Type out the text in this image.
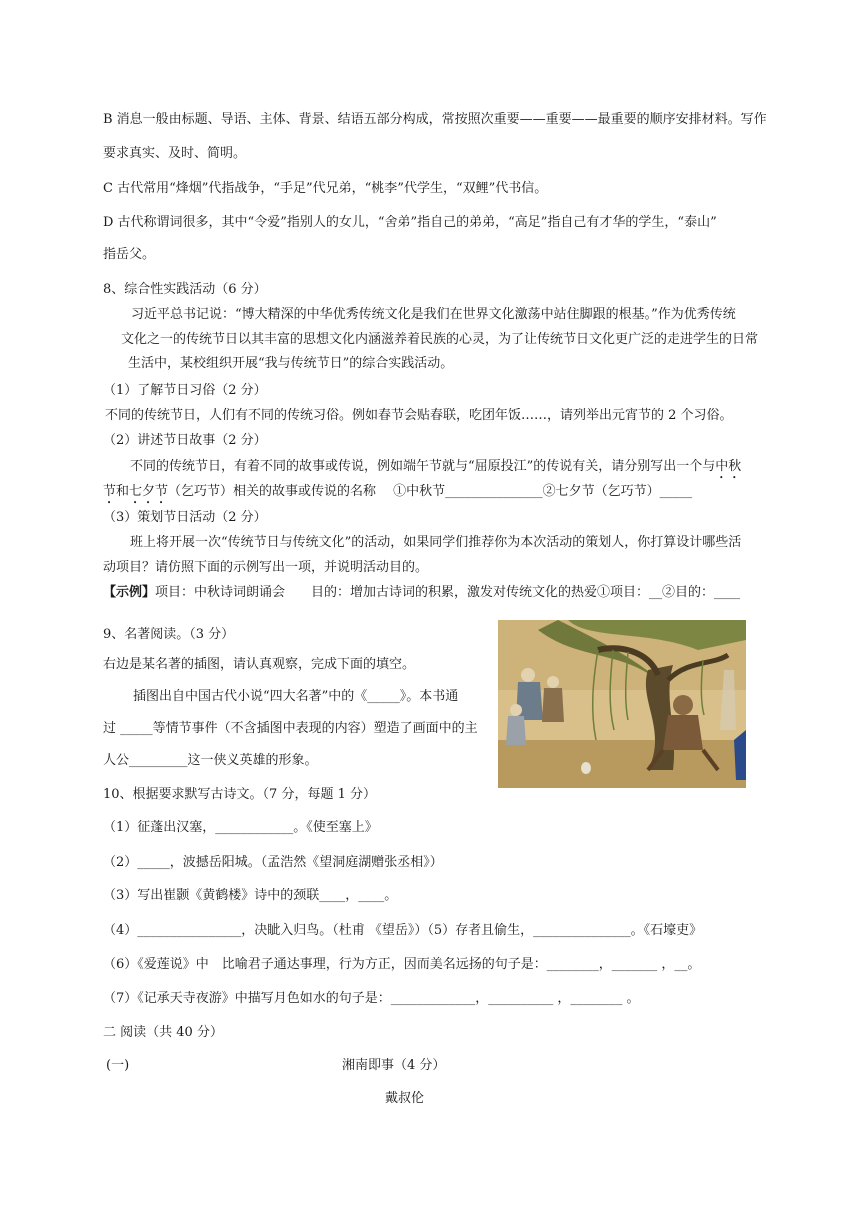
B 消息一般由标题、导语、主体、背景、结语五部分构成，常按照次重要——重要——最重要的顺序安排材料。写作
要求真实、及时、简明。
C 古代常用“烽烟”代指战争，“手足”代兄弟，“桃李”代学生，“双鲤”代书信。
D 古代称谓词很多，其中“令爱”指别人的女儿，“舍弟”指自己的弟弟，“高足”指自己有才华的学生，“泰山”
指岳父。
8、综合性实践活动（6 分）
习近平总书记说：“博大精深的中华优秀传统文化是我们在世界文化激荡中站住脚跟的根基。”作为优秀传统
文化之一的传统节日以其丰富的思想文化内涵滋养着民族的心灵，为了让传统节日文化更广泛的走进学生的日常
生活中，某校组织开展“我与传统节日”的综合实践活动。
（1）了解节日习俗（2 分）
不同的传统节日，人们有不同的传统习俗。例如春节会贴春联，吃团年饭……，请列举出元宵节的 2 个习俗。
（2）讲述节日故事（2 分）
不同的传统节日，有着不同的故事或传说，例如端午节就与“屈原投江”的传说有关，请分别写出一个与中秋
节和七夕节（乞巧节）相关的故事或传说的名称　 ①中秋节_______________②七夕节（乞巧节）_____
（3）策划节日活动（2 分）
班上将开展一次“传统节日与传统文化”的活动，如果同学们推荐你为本次活动的策划人，你打算设计哪些活
动项目？请仿照下面的示例写出一项，并说明活动目的。
【示例】项目：中秋诗词朗诵会　　目的：增加古诗词的积累，激发对传统文化的热爱①项目：__②目的：____
9、名著阅读。（3 分）
右边是某名著的插图，请认真观察，完成下面的填空。
插图出自中国古代小说“四大名著”中的《_____》。本书通
过 _____等情节事件（不含插图中表现的内容）塑造了画面中的主
人公_________这一侠义英雄的形象。
10、根据要求默写古诗文。（7 分，每题 1 分）
（1）征蓬出汉塞，____________。《使至塞上》
（2）_____，波撼岳阳城。（孟浩然《望洞庭湖赠张丞相》）
（3）写出崔颢《黄鹤楼》诗中的颈联____，____。
（4）________________，决眦入归鸟。（杜甫 《望岳》）（5）存者且偷生，_______________。《石壕吏》
（6）《爱莲说》中　比喻君子通达事理，行为方正，因而美名远扬的句子是：________，_______ ，__。
（7）《记承天寺夜游》中描写月色如水的句子是：_____________，__________ ，________ 。
二 阅读（共 40 分）
(一)	湘南即事（4 分）
戴叔伦
